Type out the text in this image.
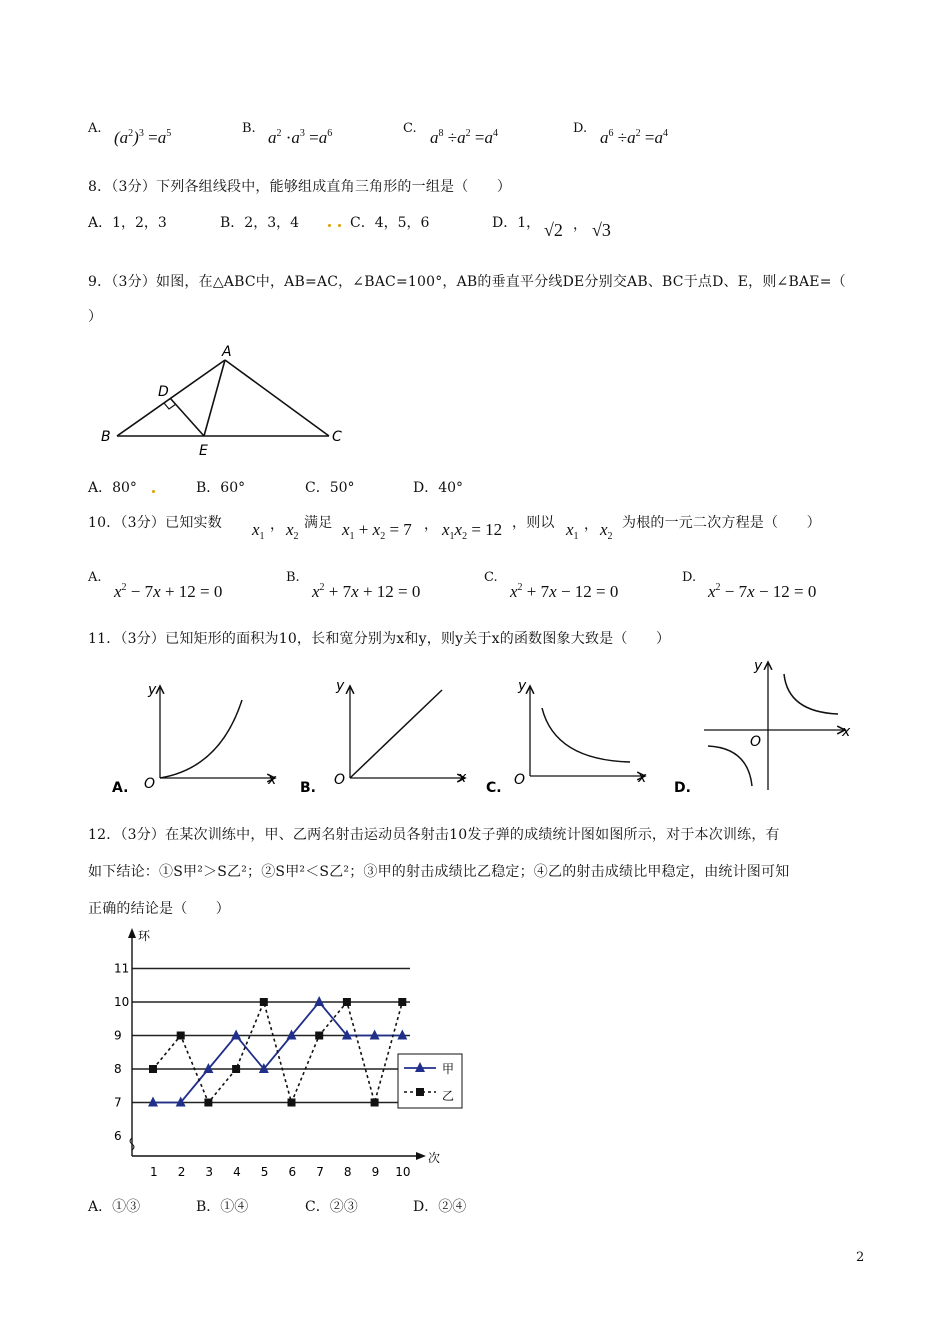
A. $(a^2)^3 =a^5$	B. $a^2 \cdot a^3 =a^6$	C. $a^8 \div a^2 =a^4$	D. $a^6 \div a^2 =a^4$
8．（3分）下列各组线段中，能够组成直角三角形的一组是（　　）
A．1，2，3	B．2，3，4	C．4，5，6	D．1， √2 ， √3
9．（3分）如图，在△ABC中，AB=AC，∠BAC=100°，AB的垂直平分线DE分别交AB、BC于点D、E，则∠BAE=（
）
A
B	C
D
E
A．80°	B．60°	C．50°	D．40°
10．（3分）已知实数 $x_1$
， $x_2$
满足 $x_1 + x_2 = 7$ ， $x_1x_2 = 12$ ，则以 $x_1$
， $x_2$
为根的一元二次方程是（　　）
A.
$x^2 - 7x + 12 = 0$
B.
$x^2 + 7x + 12 = 0$
C.
$x^2 + 7x - 12 = 0$
D.
$x^2 - 7x - 12 = 0$
11．（3分）已知矩形的面积为10，长和宽分别为x和y，则y关于x的函数图象大致是（　　）
y
x
O
A.
y
x
O
B.
y
x
O
C.
y
x
O
D.
12．（3分）在某次训练中，甲、乙两名射击运动员各射击10发子弹的成绩统计图如图所示，对于本次训练，有
如下结论：①S甲²＞S乙²；②S甲²＜S乙²；③甲的射击成绩比乙稳定；④乙的射击成绩比甲稳定，由统计图可知
正确的结论是（　　）
环
次
6
7
8
9
10
11
1 2 3 4 5 6 7 8 9 10
甲
乙
A．①③	B．①④	C．②③	D．②④
2
